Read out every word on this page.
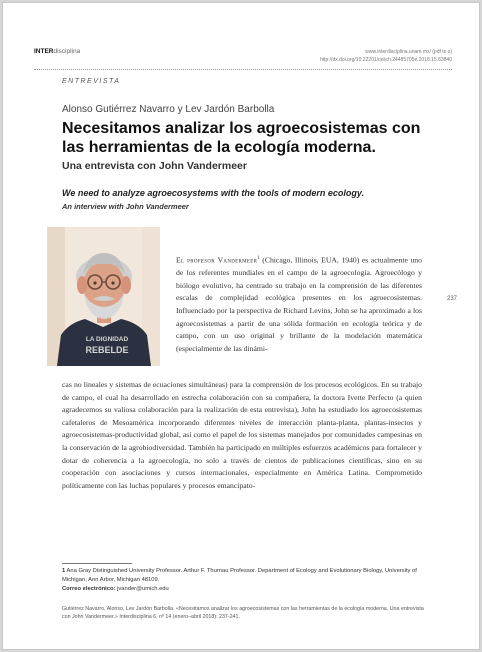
INTERdisciplina	www.interdisciplina.unam.mx/ (pdf to x)
http://dx.doi.org/10.22201/ceiich.24485705e.2018.15.63840
ENTREVISTA
Alonso Gutiérrez Navarro y Lev Jardón Barbolla
Necesitamos analizar los agroecosistemas con las herramientas de la ecología moderna.
Una entrevista con John Vandermeer
We need to analyze agroecosystems with the tools of modern ecology.
An interview with John Vandermeer
LA DIGNIDAD
REBELDE
237
El profesor Vandermeer$^1$ (Chicago, Illinois, EUA, 1940) es actualmente uno de los referentes mundiales en el campo de la agroecología. Agroecólogo y biólogo evolutivo, ha centrado su trabajo en la comprensión de las diferentes escalas de complejidad ecológica presentes en los agroecosistemas. Influenciado por la perspectiva de Richard Levins, John se ha aproximado a los agroecosistemas a partir de una sólida formación en ecología teórica y de campo, con un uso original y brillante de la modelación matemática (especialmente de las dinámi-
cas no lineales y sistemas de ecuaciones simultáneas) para la comprensión de los procesos ecológicos. En su trabajo de campo, el cual ha desarrollado en estrecha colaboración con su compañera, la doctora Ivette Perfecto (a quien agradecemos su valiosa colaboración para la realización de esta entrevista), John ha estudiado los agroecosistemas cafetaleros de Mesoamérica incorporando diferentes niveles de interacción planta-planta, plantas-insectos y agroecosistemas-productividad global, así como el papel de los sistemas manejados por comunidades campesinas en la conservación de la agrobiodiversidad. También ha participado en múltiples esfuerzos académicos para fortalecer y dotar de coherencia a la agroecología, no solo a través de cientos de publicaciones científicas, sino en su cooperación con asociaciones y cursos internacionales, especialmente en América Latina. Comprometido políticamente con las luchas populares y procesos emancipato-
1 Ana Gray Distinguished University Professor. Arthur F. Thurnau Professor. Department of Ecology and Evolutionary Biology, University of Michigan, Ann Arbor, Michigan 48109.
Correo electrónico: jvander@umich.edu
Gutiérrez Navarro, Alonso, Lev Jardón Barbolla. «Necesitamos analizar los agroecosistemas con las herramientas de la ecología moderna. Una entrevista con John Vandermeer.» Interdisciplina 6, nº 14 (enero–abril 2018): 237-241.
